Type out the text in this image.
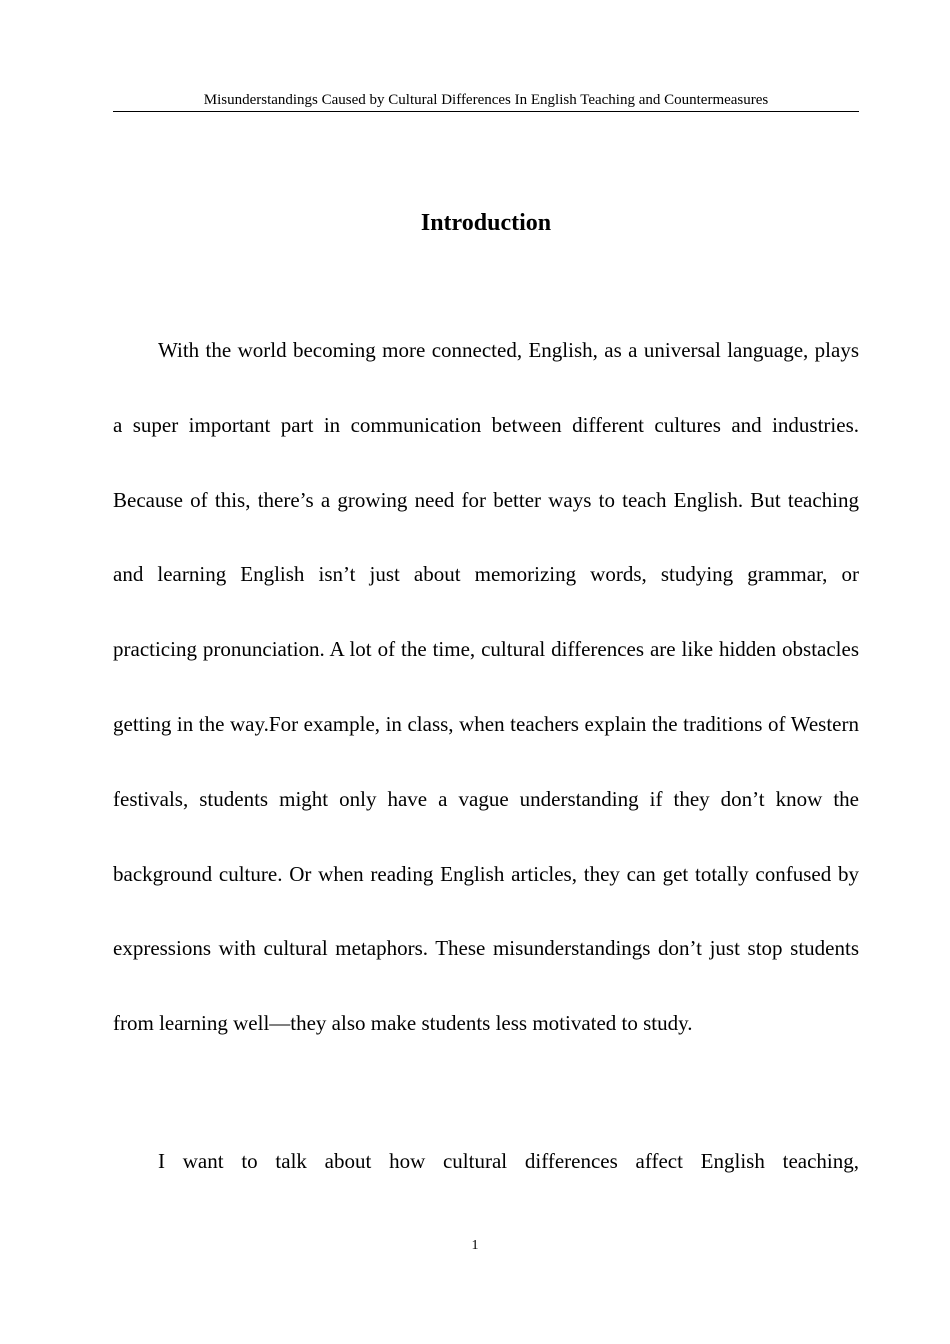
Misunderstandings Caused by Cultural Differences In English Teaching and Countermeasures
Introduction

With the world becoming more connected, English, as a universal language, plays a super important part in communication between different cultures and industries. Because of this, there’s a growing need for better ways to teach English. But teaching and learning English isn’t just about memorizing words, studying grammar, or practicing pronunciation. A lot of the time, cultural differences are like hidden obstacles getting in the way.For example, in class, when teachers explain the traditions of Western festivals, students might only have a vague understanding if they don’t know the background culture. Or when reading English articles, they can get totally confused by expressions with cultural metaphors. These misunderstandings don’t just stop students from learning well—they also make students less motivated to study.

I want to talk about how cultural differences affect English teaching,

1
